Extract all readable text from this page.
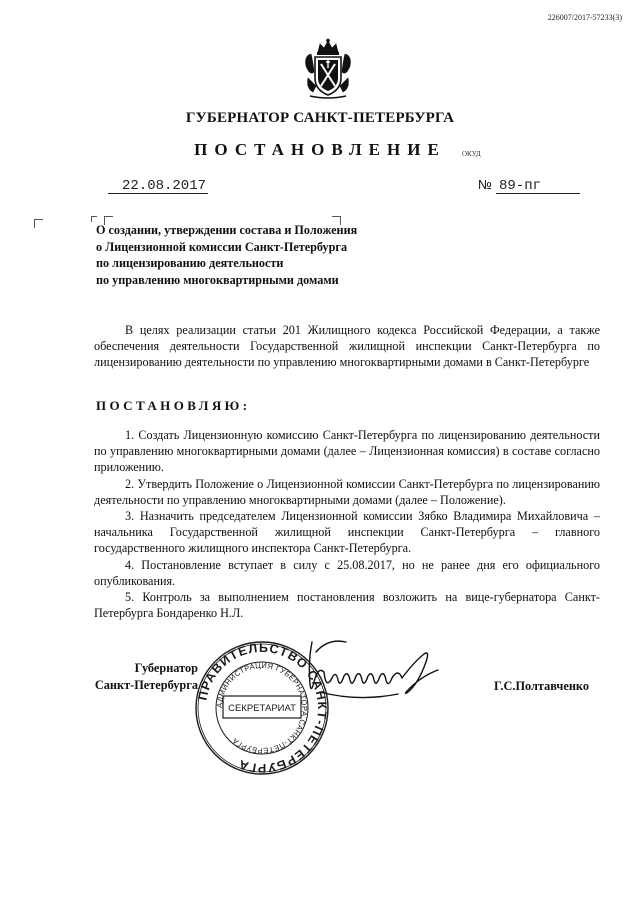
226007/2017-57233(3)
ГУБЕРНАТОР САНКТ-ПЕТЕРБУРГА
ПОСТАНОВЛЕНИЕ	ОКУД
22.08.2017	№ 89-пг
О создании, утверждении состава и Положения
о Лицензионной комиссии Санкт-Петербурга
по лицензированию деятельности
по управлению многоквартирными домами

В целях реализации статьи 201 Жилищного кодекса Российской Федерации, а также обеспечения деятельности Государственной жилищной инспекции Санкт-Петербурга по лицензированию деятельности по управлению многоквартирными домами в Санкт-Петербурге

ПОСТАНОВЛЯЮ:

1. Создать Лицензионную комиссию Санкт-Петербурга по лицензированию деятельности по управлению многоквартирными домами (далее – Лицензионная комиссия) в составе согласно приложению.

2. Утвердить Положение о Лицензионной комиссии Санкт-Петербурга по лицензированию деятельности по управлению многоквартирными домами (далее – Положение).

3. Назначить председателем Лицензионной комиссии Зябко Владимира Михайловича – начальника Государственной жилищной инспекции Санкт-Петербурга – главного государственного жилищного инспектора Санкт-Петербурга.

4. Постановление вступает в силу с 25.08.2017, но не ранее дня его официального опубликования.

5. Контроль за выполнением постановления возложить на вице-губернатора Санкт-Петербурга Бондаренко Н.Л.

ПРАВИТЕЛЬСТВО САНКТ-ПЕТЕРБУРГА
АДМИНИСТРАЦИЯ ГУБЕРНАТОРА САНКТ-ПЕТЕРБУРГА
СЕКРЕТАРИАТ
Губернатор
Санкт-Петербурга	Г.С.Полтавченко
